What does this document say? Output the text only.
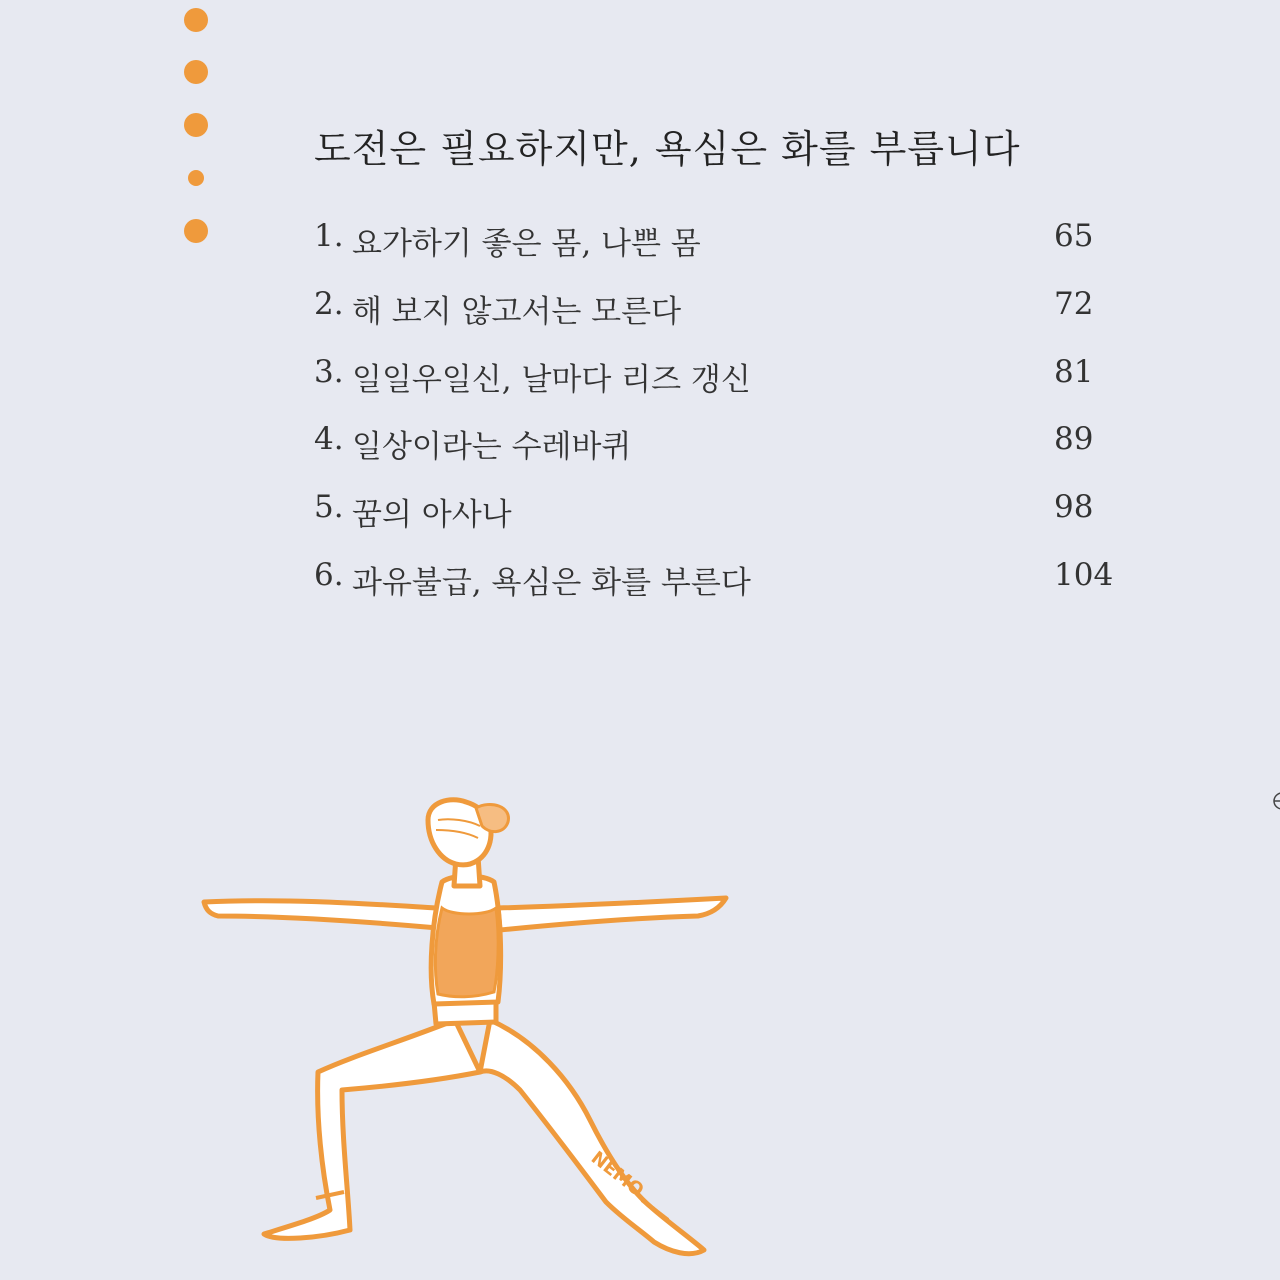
도전은 필요하지만, 욕심은 화를 부릅니다
1. 요가하기 좋은 몸, 나쁜 몸	65
2. 해 보지 않고서는 모른다	72
3. 일일우일신, 날마다 리즈 갱신	81
4. 일상이라는 수레바퀴	89
5. 꿈의 아사나	98
6. 과유불급, 욕심은 화를 부른다	104
NEMO
